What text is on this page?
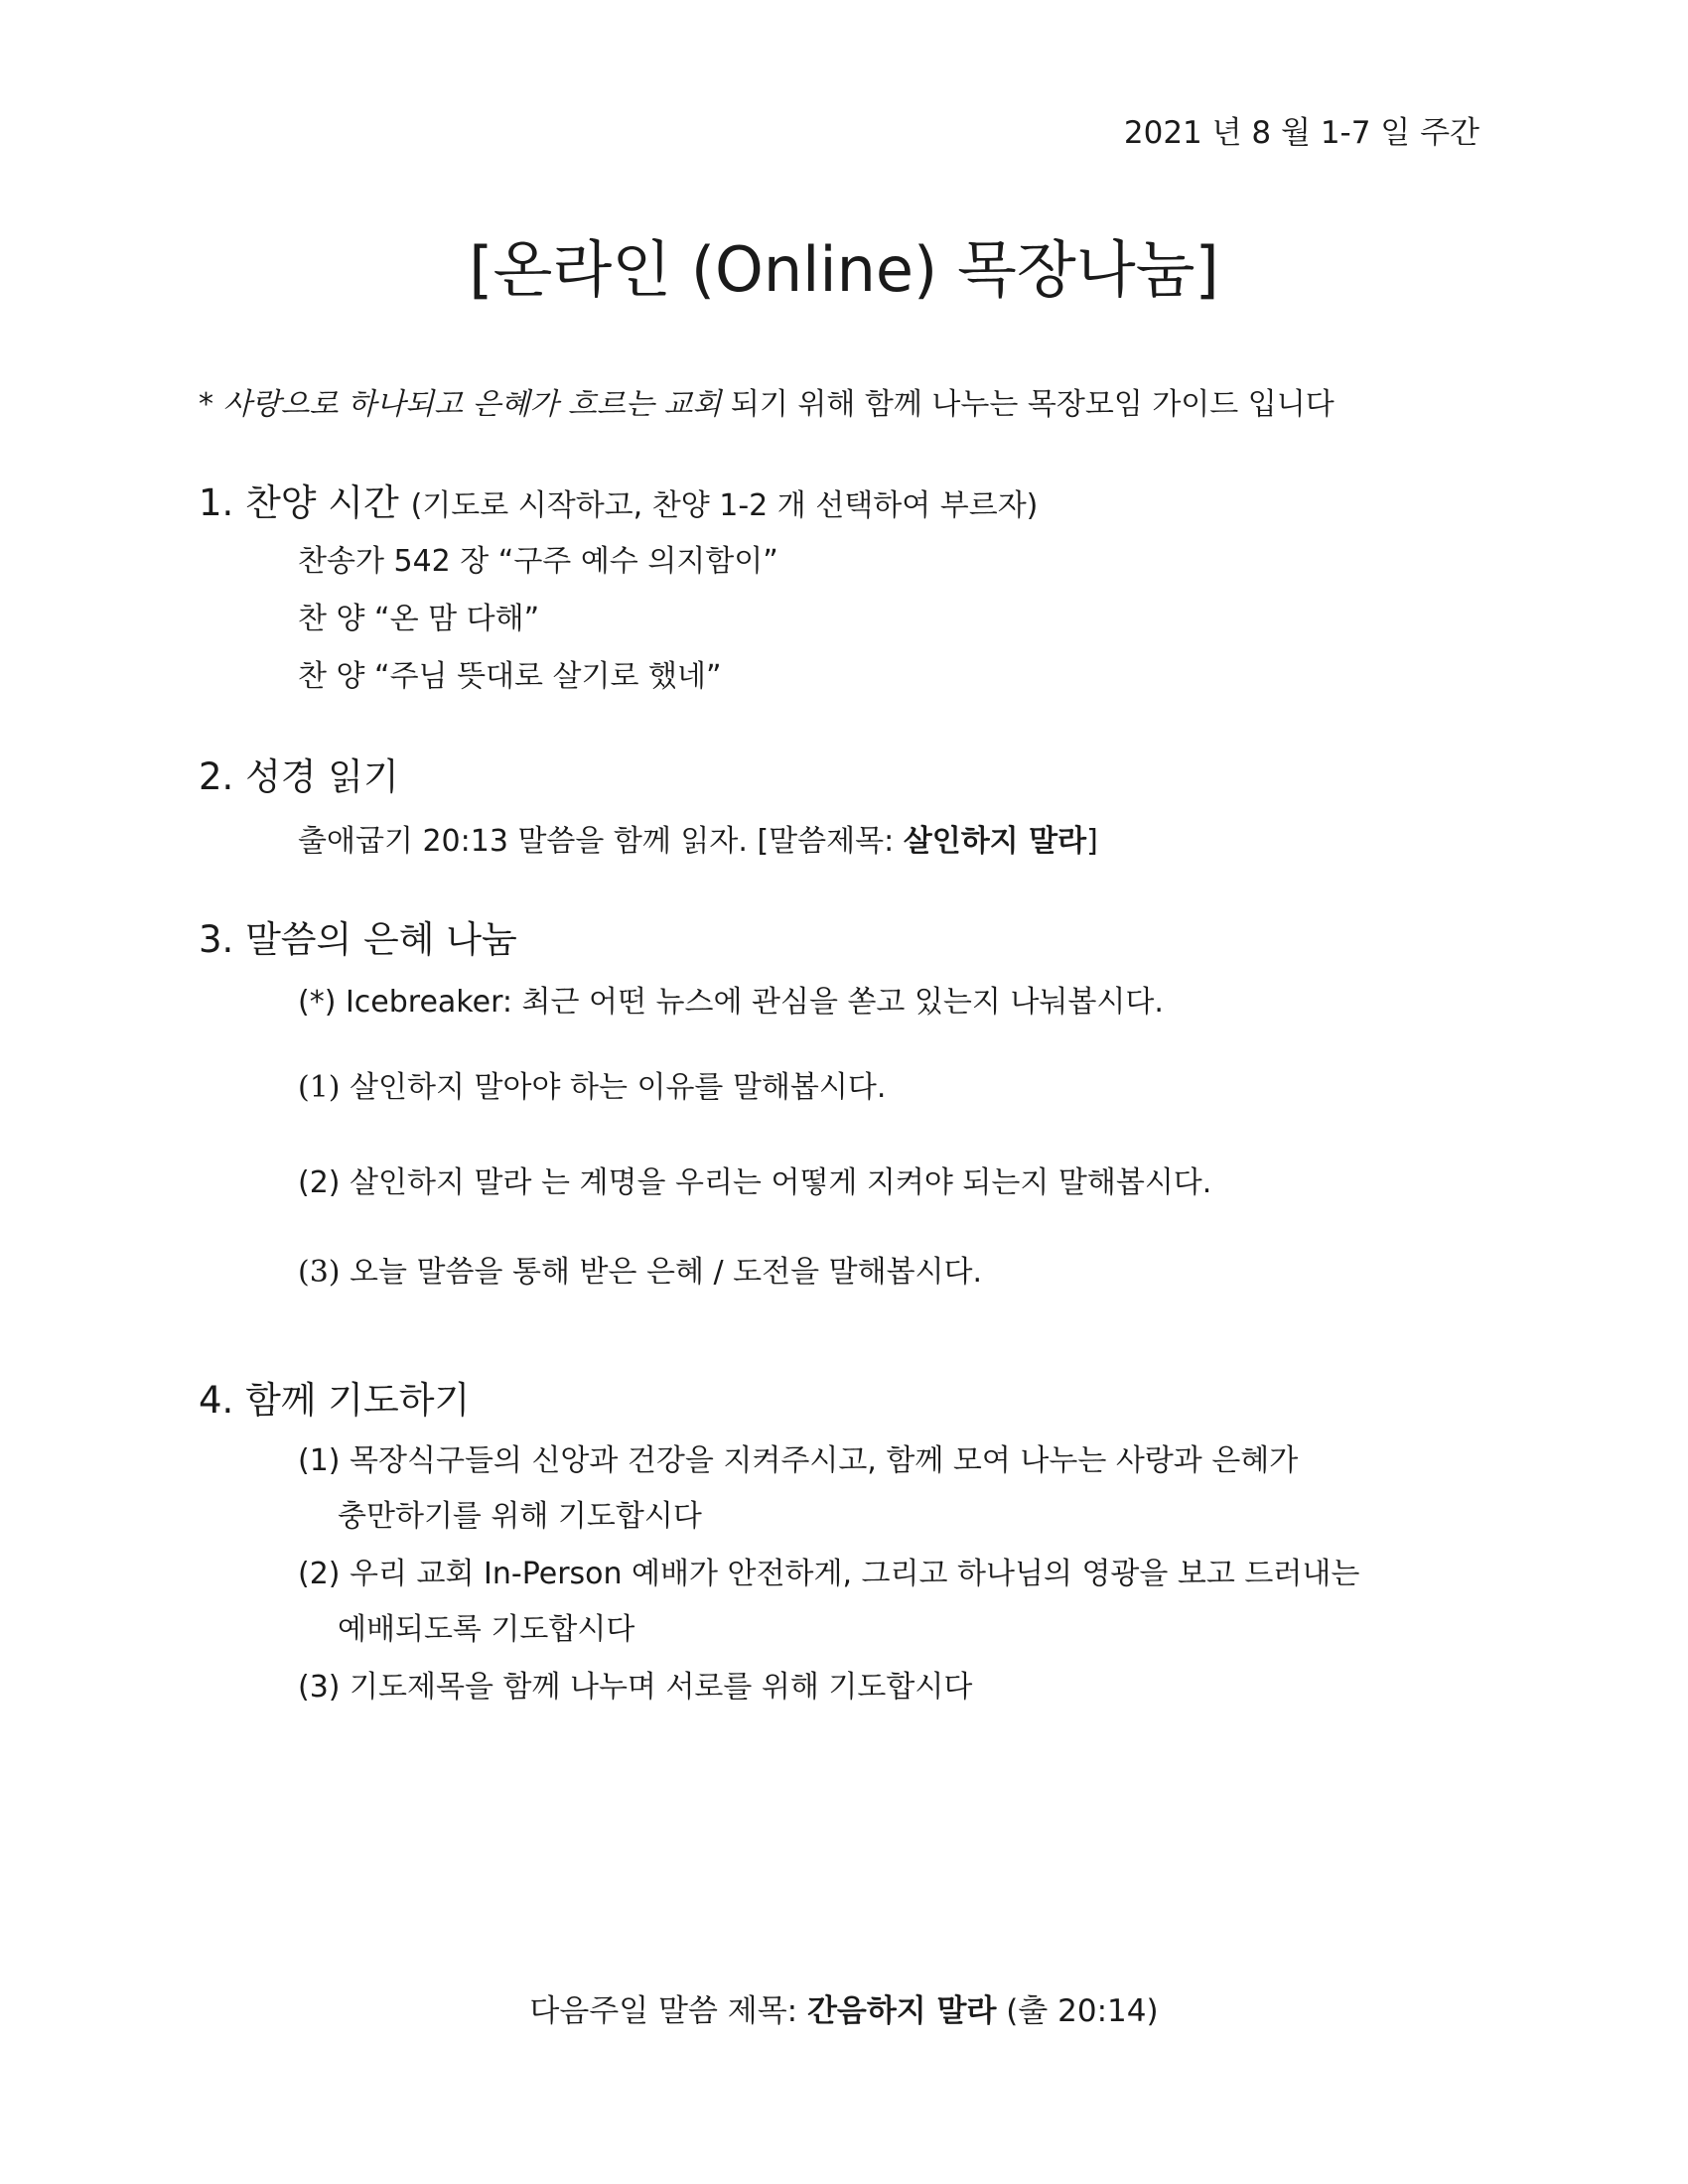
2021 년 8 월 1-7 일 주간
[온라인 (Online) 목장나눔]
* 사랑으로 하나되고 은혜가 흐르는 교회 되기 위해 함께 나누는 목장모임 가이드 입니다
1. 찬양 시간 (기도로 시작하고, 찬양 1-2 개 선택하여 부르자)
찬송가 542 장 “구주 예수 의지함이”
찬 양 “온 맘 다해”
찬 양 “주님 뜻대로 살기로 했네”
2. 성경 읽기
출애굽기 20:13 말씀을 함께 읽자. [말씀제목: 살인하지 말라]
3. 말씀의 은혜 나눔
(*) Icebreaker: 최근 어떤 뉴스에 관심을 쏟고 있는지 나눠봅시다.
(1) 살인하지 말아야 하는 이유를 말해봅시다.
(2) 살인하지 말라 는 계명을 우리는 어떻게 지켜야 되는지 말해봅시다.
(3) 오늘 말씀을 통해 받은 은혜 / 도전을 말해봅시다.
4. 함께 기도하기
(1) 목장식구들의 신앙과 건강을 지켜주시고, 함께 모여 나누는 사랑과 은혜가
충만하기를 위해 기도합시다
(2) 우리 교회 In-Person 예배가 안전하게, 그리고 하나님의 영광을 보고 드러내는
예배되도록 기도합시다
(3) 기도제목을 함께 나누며 서로를 위해 기도합시다
다음주일 말씀 제목: 간음하지 말라 (출 20:14)
